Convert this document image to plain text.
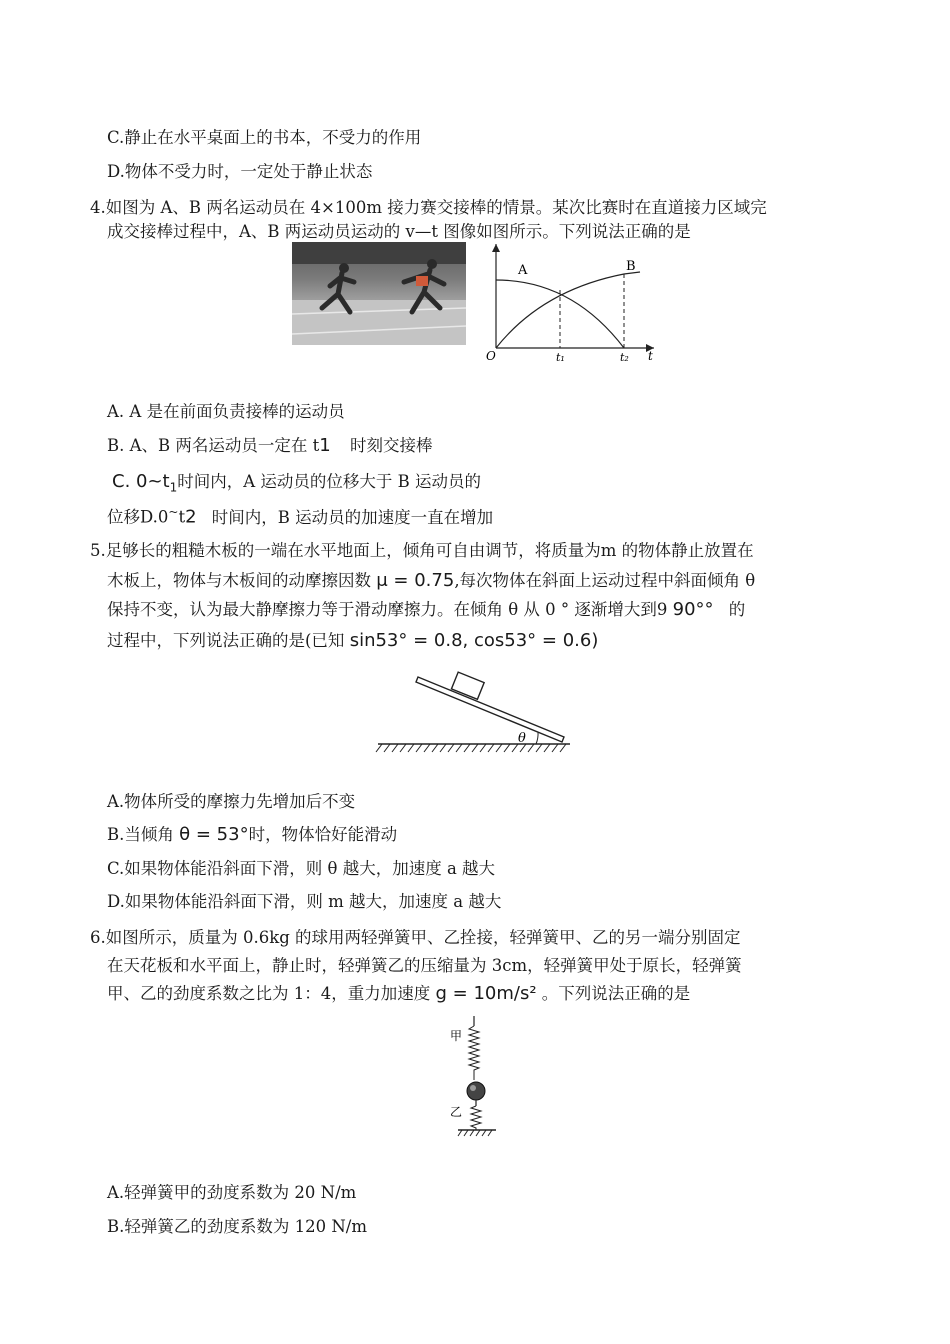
C.静止在水平桌面上的书本，不受力的作用
D.物体不受力时，一定处于静止状态
4.如图为 A、B 两名运动员在 4×100m 接力赛交接棒的情景。某次比赛时在直道接力区域完
成交接棒过程中，A、B 两运动员运动的 v—t 图像如图所示。下列说法正确的是
A	B
O	t₁	t₂ t
A. A 是在前面负责接棒的运动员
B. A、B 两名运动员一定在 t1 时刻交接棒
C. $0\sim t_1$时间内，A 运动员的位移大于 B 运动员的
位移D.0~t2 时间内，B 运动员的加速度一直在增加
5.足够长的粗糙木板的一端在水平地面上，倾角可自由调节，将质量为m 的物体静止放置在
木板上，物体与木板间的动摩擦因数 μ = 0.75,每次物体在斜面上运动过程中斜面倾角 θ
保持不变，认为最大静摩擦力等于滑动摩擦力。在倾角 θ 从 0 ° 逐渐增大到9 90°° 的
过程中，下列说法正确的是(已知 sin53° = 0.8, cos53° = 0.6)
θ
A.物体所受的摩擦力先增加后不变
B.当倾角 θ = 53°时，物体恰好能滑动
C.如果物体能沿斜面下滑，则 θ 越大，加速度 a 越大
D.如果物体能沿斜面下滑，则 m 越大，加速度 a 越大
6.如图所示，质量为 0.6kg 的球用两轻弹簧甲、乙拴接，轻弹簧甲、乙的另一端分别固定
在天花板和水平面上，静止时，轻弹簧乙的压缩量为 3cm，轻弹簧甲处于原长，轻弹簧
甲、乙的劲度系数之比为 1：4，重力加速度 g = 10m/s² 。下列说法正确的是
甲
乙
A.轻弹簧甲的劲度系数为 20 N/m
B.轻弹簧乙的劲度系数为 120 N/m
